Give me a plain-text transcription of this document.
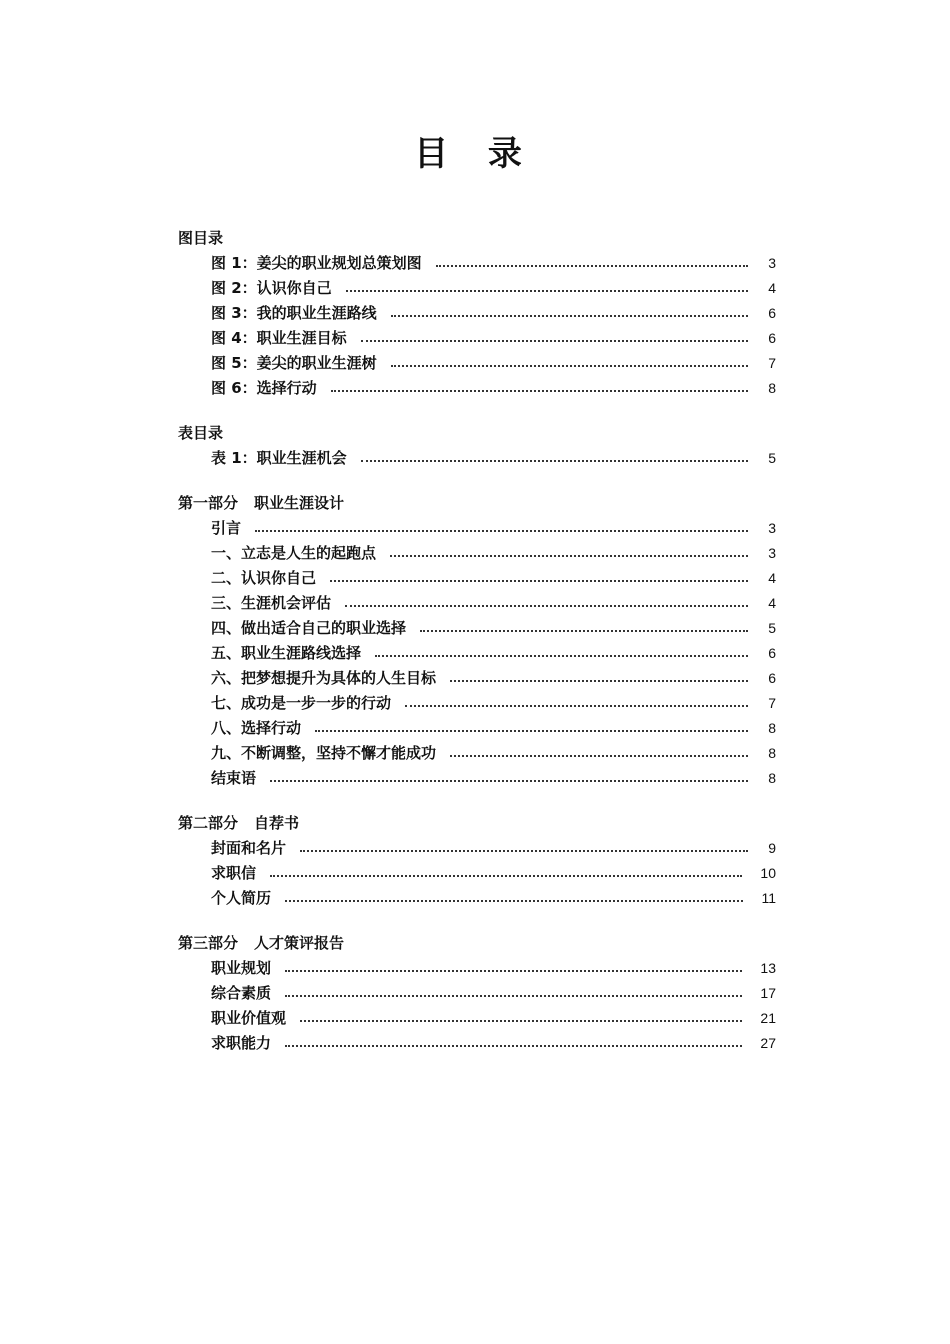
目 录
图目录
图 1：姜尖的职业规划总策划图	3
图 2：认识你自己	4
图 3：我的职业生涯路线	6
图 4：职业生涯目标	6
图 5：姜尖的职业生涯树	7
图 6：选择行动	8
表目录
表 1：职业生涯机会	5
第一部分 职业生涯设计
引言	3
一、立志是人生的起跑点	3
二、认识你自己	4
三、生涯机会评估	4
四、做出适合自己的职业选择	5
五、职业生涯路线选择	6
六、把梦想提升为具体的人生目标	6
七、成功是一步一步的行动	7
八、选择行动	8
九、不断调整，坚持不懈才能成功	8
结束语	8
第二部分 自荐书
封面和名片	9
求职信	10
个人简历	11
第三部分 人才策评报告
职业规划	13
综合素质	17
职业价值观	21
求职能力	27
